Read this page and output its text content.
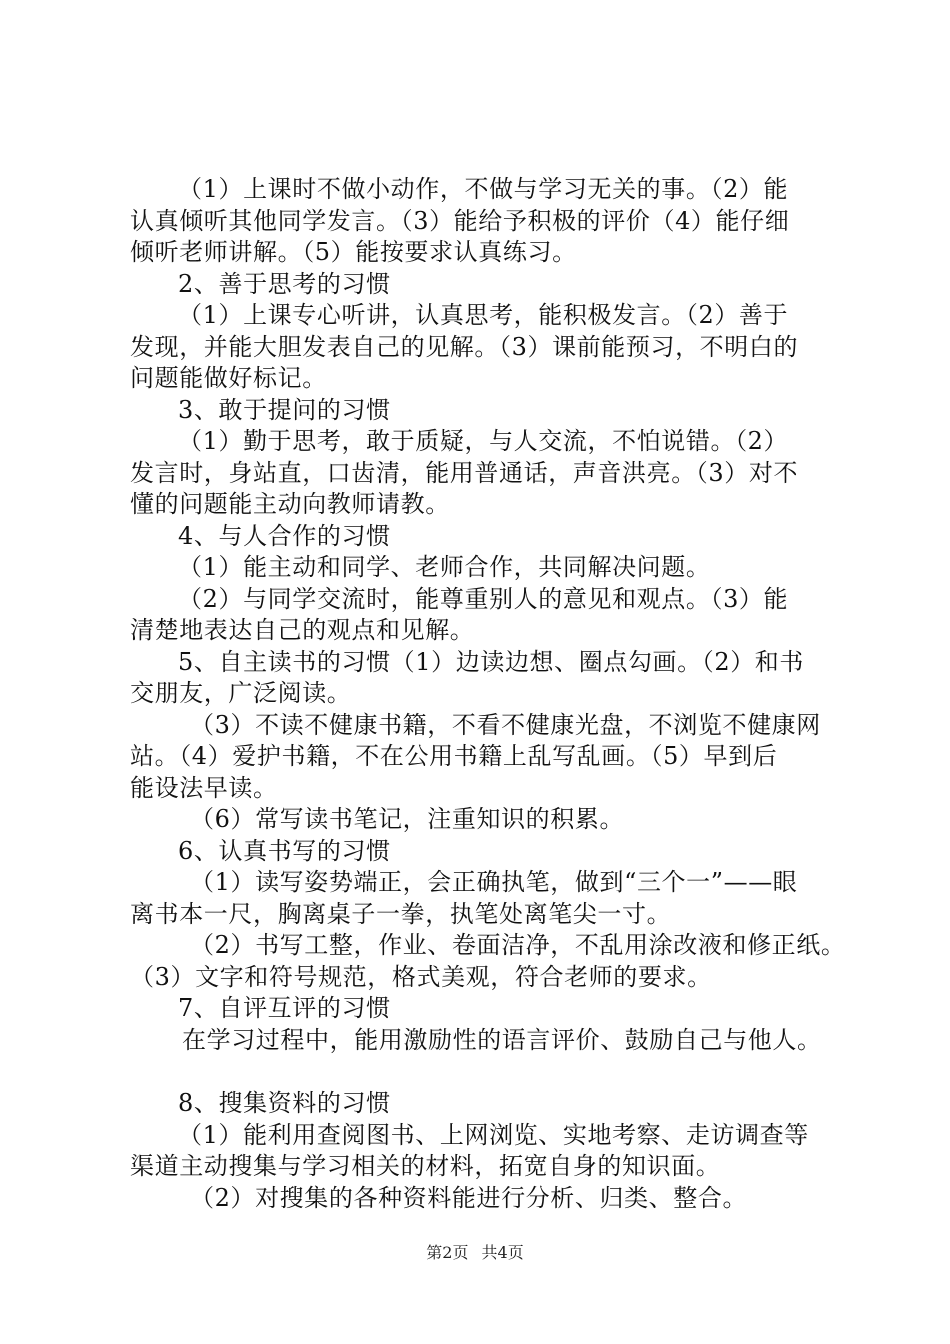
（1）上课时不做小动作，不做与学习无关的事。（2）能
认真倾听其他同学发言。（3）能给予积极的评价（4）能仔细
倾听老师讲解。（5）能按要求认真练习。
2、善于思考的习惯
（1）上课专心听讲，认真思考，能积极发言。（2）善于
发现，并能大胆发表自己的见解。（3）课前能预习，不明白的
问题能做好标记。
3、敢于提问的习惯
（1）勤于思考，敢于质疑，与人交流，不怕说错。（2）
发言时，身站直，口齿清，能用普通话，声音洪亮。（3）对不
懂的问题能主动向教师请教。
4、与人合作的习惯
（1）能主动和同学、老师合作，共同解决问题。
（2）与同学交流时，能尊重别人的意见和观点。（3）能
清楚地表达自己的观点和见解。
5、自主读书的习惯（1）边读边想、圈点勾画。（2）和书
交朋友，广泛阅读。
（3）不读不健康书籍，不看不健康光盘，不浏览不健康网
站。（4）爱护书籍，不在公用书籍上乱写乱画。（5）早到后
能设法早读。
（6）常写读书笔记，注重知识的积累。
6、认真书写的习惯
（1）读写姿势端正，会正确执笔，做到“三个一”——眼
离书本一尺，胸离桌子一拳，执笔处离笔尖一寸。
（2）书写工整，作业、卷面洁净，不乱用涂改液和修正纸。
（3）文字和符号规范，格式美观，符合老师的要求。
7、自评互评的习惯
在学习过程中，能用激励性的语言评价、鼓励自己与他人。
8、搜集资料的习惯
（1）能利用查阅图书、上网浏览、实地考察、走访调查等
渠道主动搜集与学习相关的材料，拓宽自身的知识面。
（2）对搜集的各种资料能进行分析、归类、整合。
第2页 共4页
